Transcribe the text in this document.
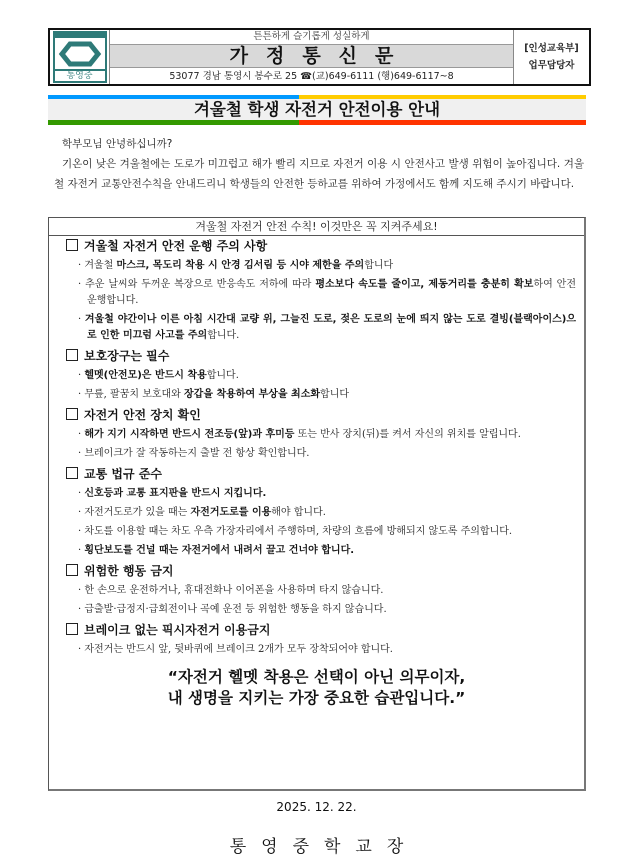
통영중
튼튼하게 슬기롭게 성실하게
가정통신문
53077 경남 통영시 봉수로 25 ☎(교)649-6111 (행)649-6117~8
[인성교육부]
업무담당자
겨울철 학생 자전거 안전이용 안내

학부모님 안녕하십니까?

기온이 낮은 겨울철에는 도로가 미끄럽고 해가 빨리 지므로 자전거 이용 시 안전사고 발생 위험이 높아집니다. 겨울철 자전거 교통안전수칙을 안내드리니 학생들의 안전한 등하교를 위하여 가정에서도 함께 지도해 주시기 바랍니다.

겨울철 자전거 안전 수칙! 이것만은 꼭 지켜주세요!
겨울철 자전거 안전 운행 주의 사항
· 겨울철 마스크, 목도리 착용 시 안경 김서림 등 시야 제한을 주의합니다
· 추운 날씨와 두꺼운 복장으로 반응속도 저하에 따라 평소보다 속도를 줄이고, 제동거리를 충분히 확보하여 안전 운행합니다.
· 겨울철 야간이나 이른 아침 시간대 교량 위, 그늘진 도로, 젖은 도로의 눈에 띄지 않는 도로 결빙(블랙아이스)으로 인한 미끄럼 사고를 주의합니다.
보호장구는 필수
· 헬멧(안전모)은 반드시 착용합니다.
· 무릎, 팔꿈치 보호대와 장갑을 착용하여 부상을 최소화합니다
자전거 안전 장치 확인
· 해가 지기 시작하면 반드시 전조등(앞)과 후미등 또는 반사 장치(뒤)를 켜서 자신의 위치를 알립니다.
· 브레이크가 잘 작동하는지 출발 전 항상 확인합니다.
교통 법규 준수
· 신호등과 교통 표지판을 반드시 지킵니다.
· 자전거도로가 있을 때는 자전거도로를 이용해야 합니다.
· 차도를 이용할 때는 차도 우측 가장자리에서 주행하며, 차량의 흐름에 방해되지 않도록 주의합니다.
· 횡단보도를 건널 때는 자전거에서 내려서 끌고 건너야 합니다.
위험한 행동 금지
· 한 손으로 운전하거나, 휴대전화나 이어폰을 사용하며 타지 않습니다.
· 급출발·급정지·급회전이나 곡예 운전 등 위험한 행동을 하지 않습니다.
브레이크 없는 픽시자전거 이용금지
· 자전거는 반드시 앞, 뒷바퀴에 브레이크 2개가 모두 장착되어야 합니다.
“자전거 헬멧 착용은 선택이 아닌 의무이자,
내 생명을 지키는 가장 중요한 습관입니다.”
2025. 12. 22.
통영중학교장
